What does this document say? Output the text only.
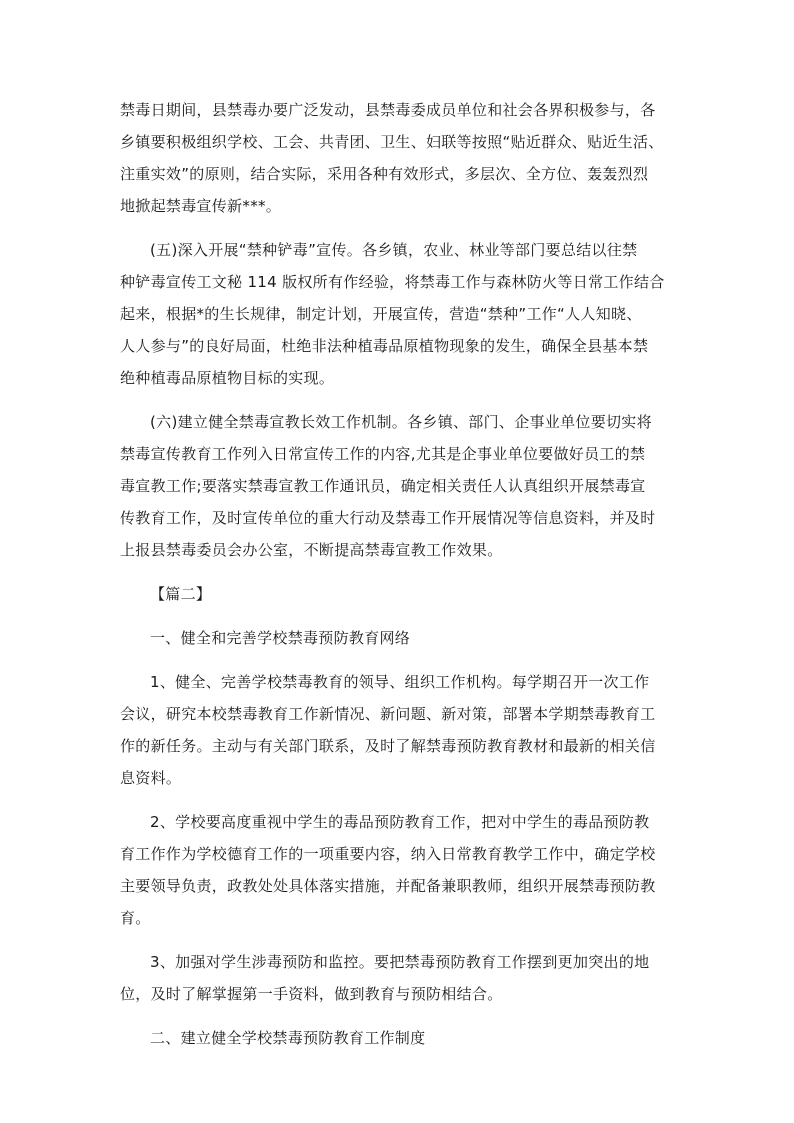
禁毒日期间，县禁毒办要广泛发动，县禁毒委成员单位和社会各界积极参与，各
乡镇要积极组织学校、工会、共青团、卫生、妇联等按照“贴近群众、贴近生活、
注重实效”的原则，结合实际，采用各种有效形式，多层次、全方位、轰轰烈烈
地掀起禁毒宣传新***。

(五)深入开展“禁种铲毒”宣传。各乡镇，农业、林业等部门要总结以往禁
种铲毒宣传工文秘 114 版权所有作经验，将禁毒工作与森林防火等日常工作结合
起来，根据*的生长规律，制定计划，开展宣传，营造“禁种”工作“人人知晓、
人人参与”的良好局面，杜绝非法种植毒品原植物现象的发生，确保全县基本禁
绝种植毒品原植物目标的实现。

(六)建立健全禁毒宣教长效工作机制。各乡镇、部门、企事业单位要切实将
禁毒宣传教育工作列入日常宣传工作的内容,尤其是企事业单位要做好员工的禁
毒宣教工作;要落实禁毒宣教工作通讯员，确定相关责任人认真组织开展禁毒宣
传教育工作，及时宣传单位的重大行动及禁毒工作开展情况等信息资料，并及时
上报县禁毒委员会办公室，不断提高禁毒宣教工作效果。

【篇二】

一、健全和完善学校禁毒预防教育网络

1、健全、完善学校禁毒教育的领导、组织工作机构。每学期召开一次工作
会议，研究本校禁毒教育工作新情况、新问题、新对策，部署本学期禁毒教育工
作的新任务。主动与有关部门联系，及时了解禁毒预防教育教材和最新的相关信
息资料。

2、学校要高度重视中学生的毒品预防教育工作，把对中学生的毒品预防教
育工作作为学校德育工作的一项重要内容，纳入日常教育教学工作中，确定学校
主要领导负责，政教处处具体落实措施，并配备兼职教师，组织开展禁毒预防教
育。

3、加强对学生涉毒预防和监控。要把禁毒预防教育工作摆到更加突出的地
位，及时了解掌握第一手资料，做到教育与预防相结合。

二、建立健全学校禁毒预防教育工作制度
